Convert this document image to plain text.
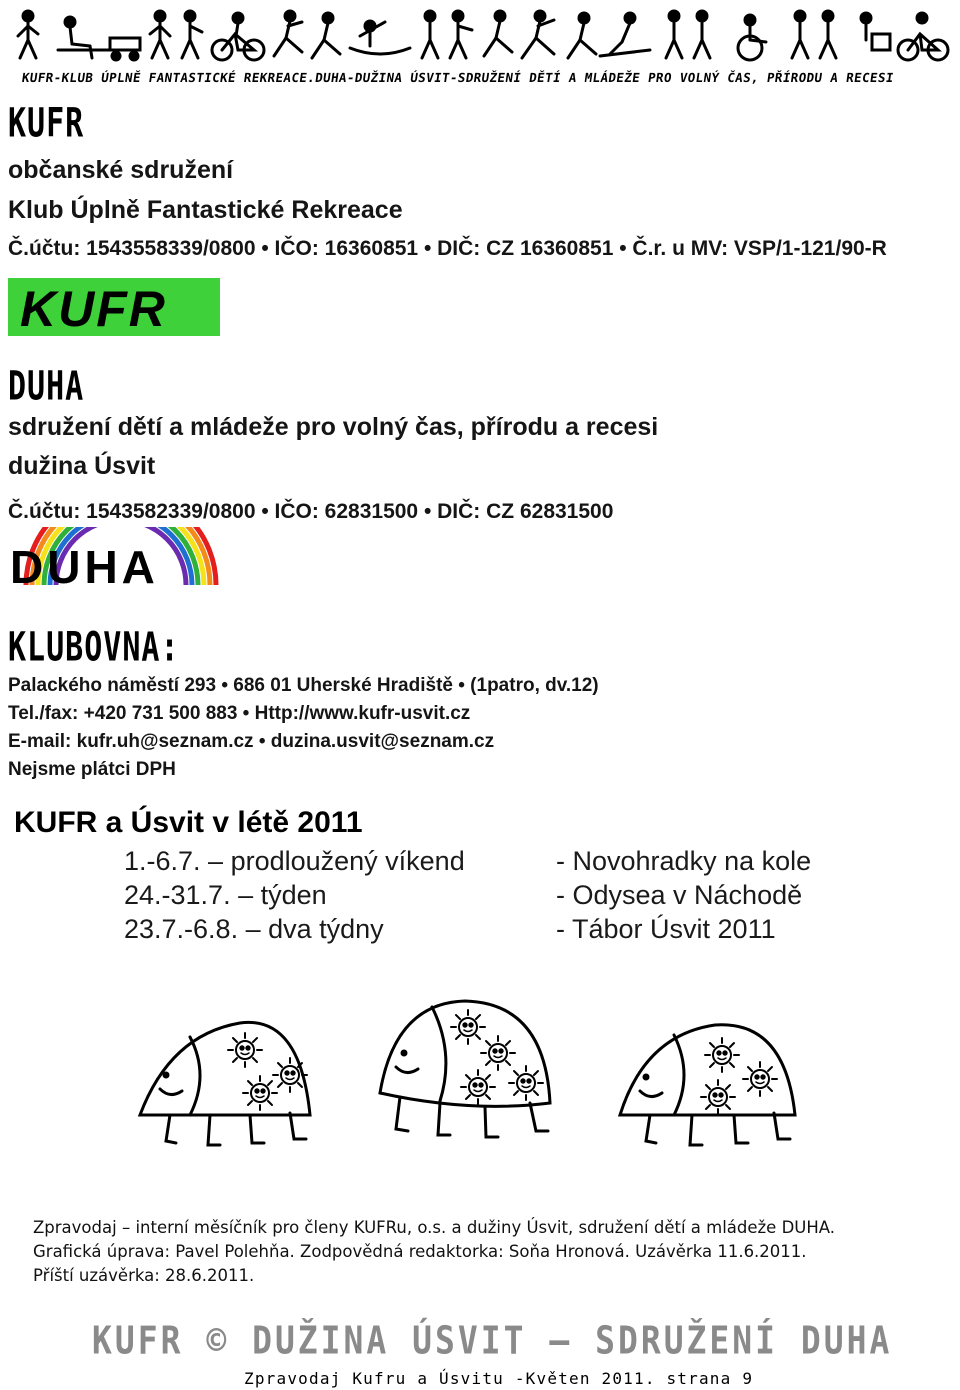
KUFR-KLUB ÚPLNĚ FANTASTICKÉ REKREACE.DUHA-DUŽINA ÚSVIT-SDRUŽENÍ DĚTÍ A MLÁDEŽE PRO VOLNÝ ČAS, PŘÍRODU A RECESI
KUFR
občanské sdružení
Klub Úplně Fantastické Rekreace
Č.účtu: 1543558339/0800 • IČO: 16360851 • DIČ: CZ 16360851 • Č.r. u MV: VSP/1-121/90-R
KUFR
DUHA
sdružení dětí a mládeže pro volný čas, přírodu a recesi
dužina Úsvit
Č.účtu: 1543582339/0800 • IČO: 62831500 • DIČ: CZ 62831500
DUHA
KLUBOVNA:
Palackého náměstí 293 • 686 01 Uherské Hradiště • (1patro, dv.12)
Tel./fax: +420 731 500 883 • Http://www.kufr-usvit.cz
E-mail: kufr.uh@seznam.cz • duzina.usvit@seznam.cz
Nejsme plátci DPH
KUFR a Úsvit v létě 2011
1.-6.7. – prodloužený víkend	- Novohradky na kole
24.-31.7. – týden	- Odysea v Náchodě
23.7.-6.8. – dva týdny	- Tábor Úsvit 2011
Zpravodaj – interní měsíčník pro členy KUFRu, o.s. a dužiny Úsvit, sdružení dětí a mládeže DUHA.
Grafická úprava: Pavel Polehňa. Zodpovědná redaktorka: Soňa Hronová. Uzávěrka 11.6.2011.
Příští uzávěrka: 28.6.2011.
KUFR © DUŽINA ÚSVIT – SDRUŽENÍ DUHA
Zpravodaj Kufru a Úsvitu -Květen 2011. strana 9
